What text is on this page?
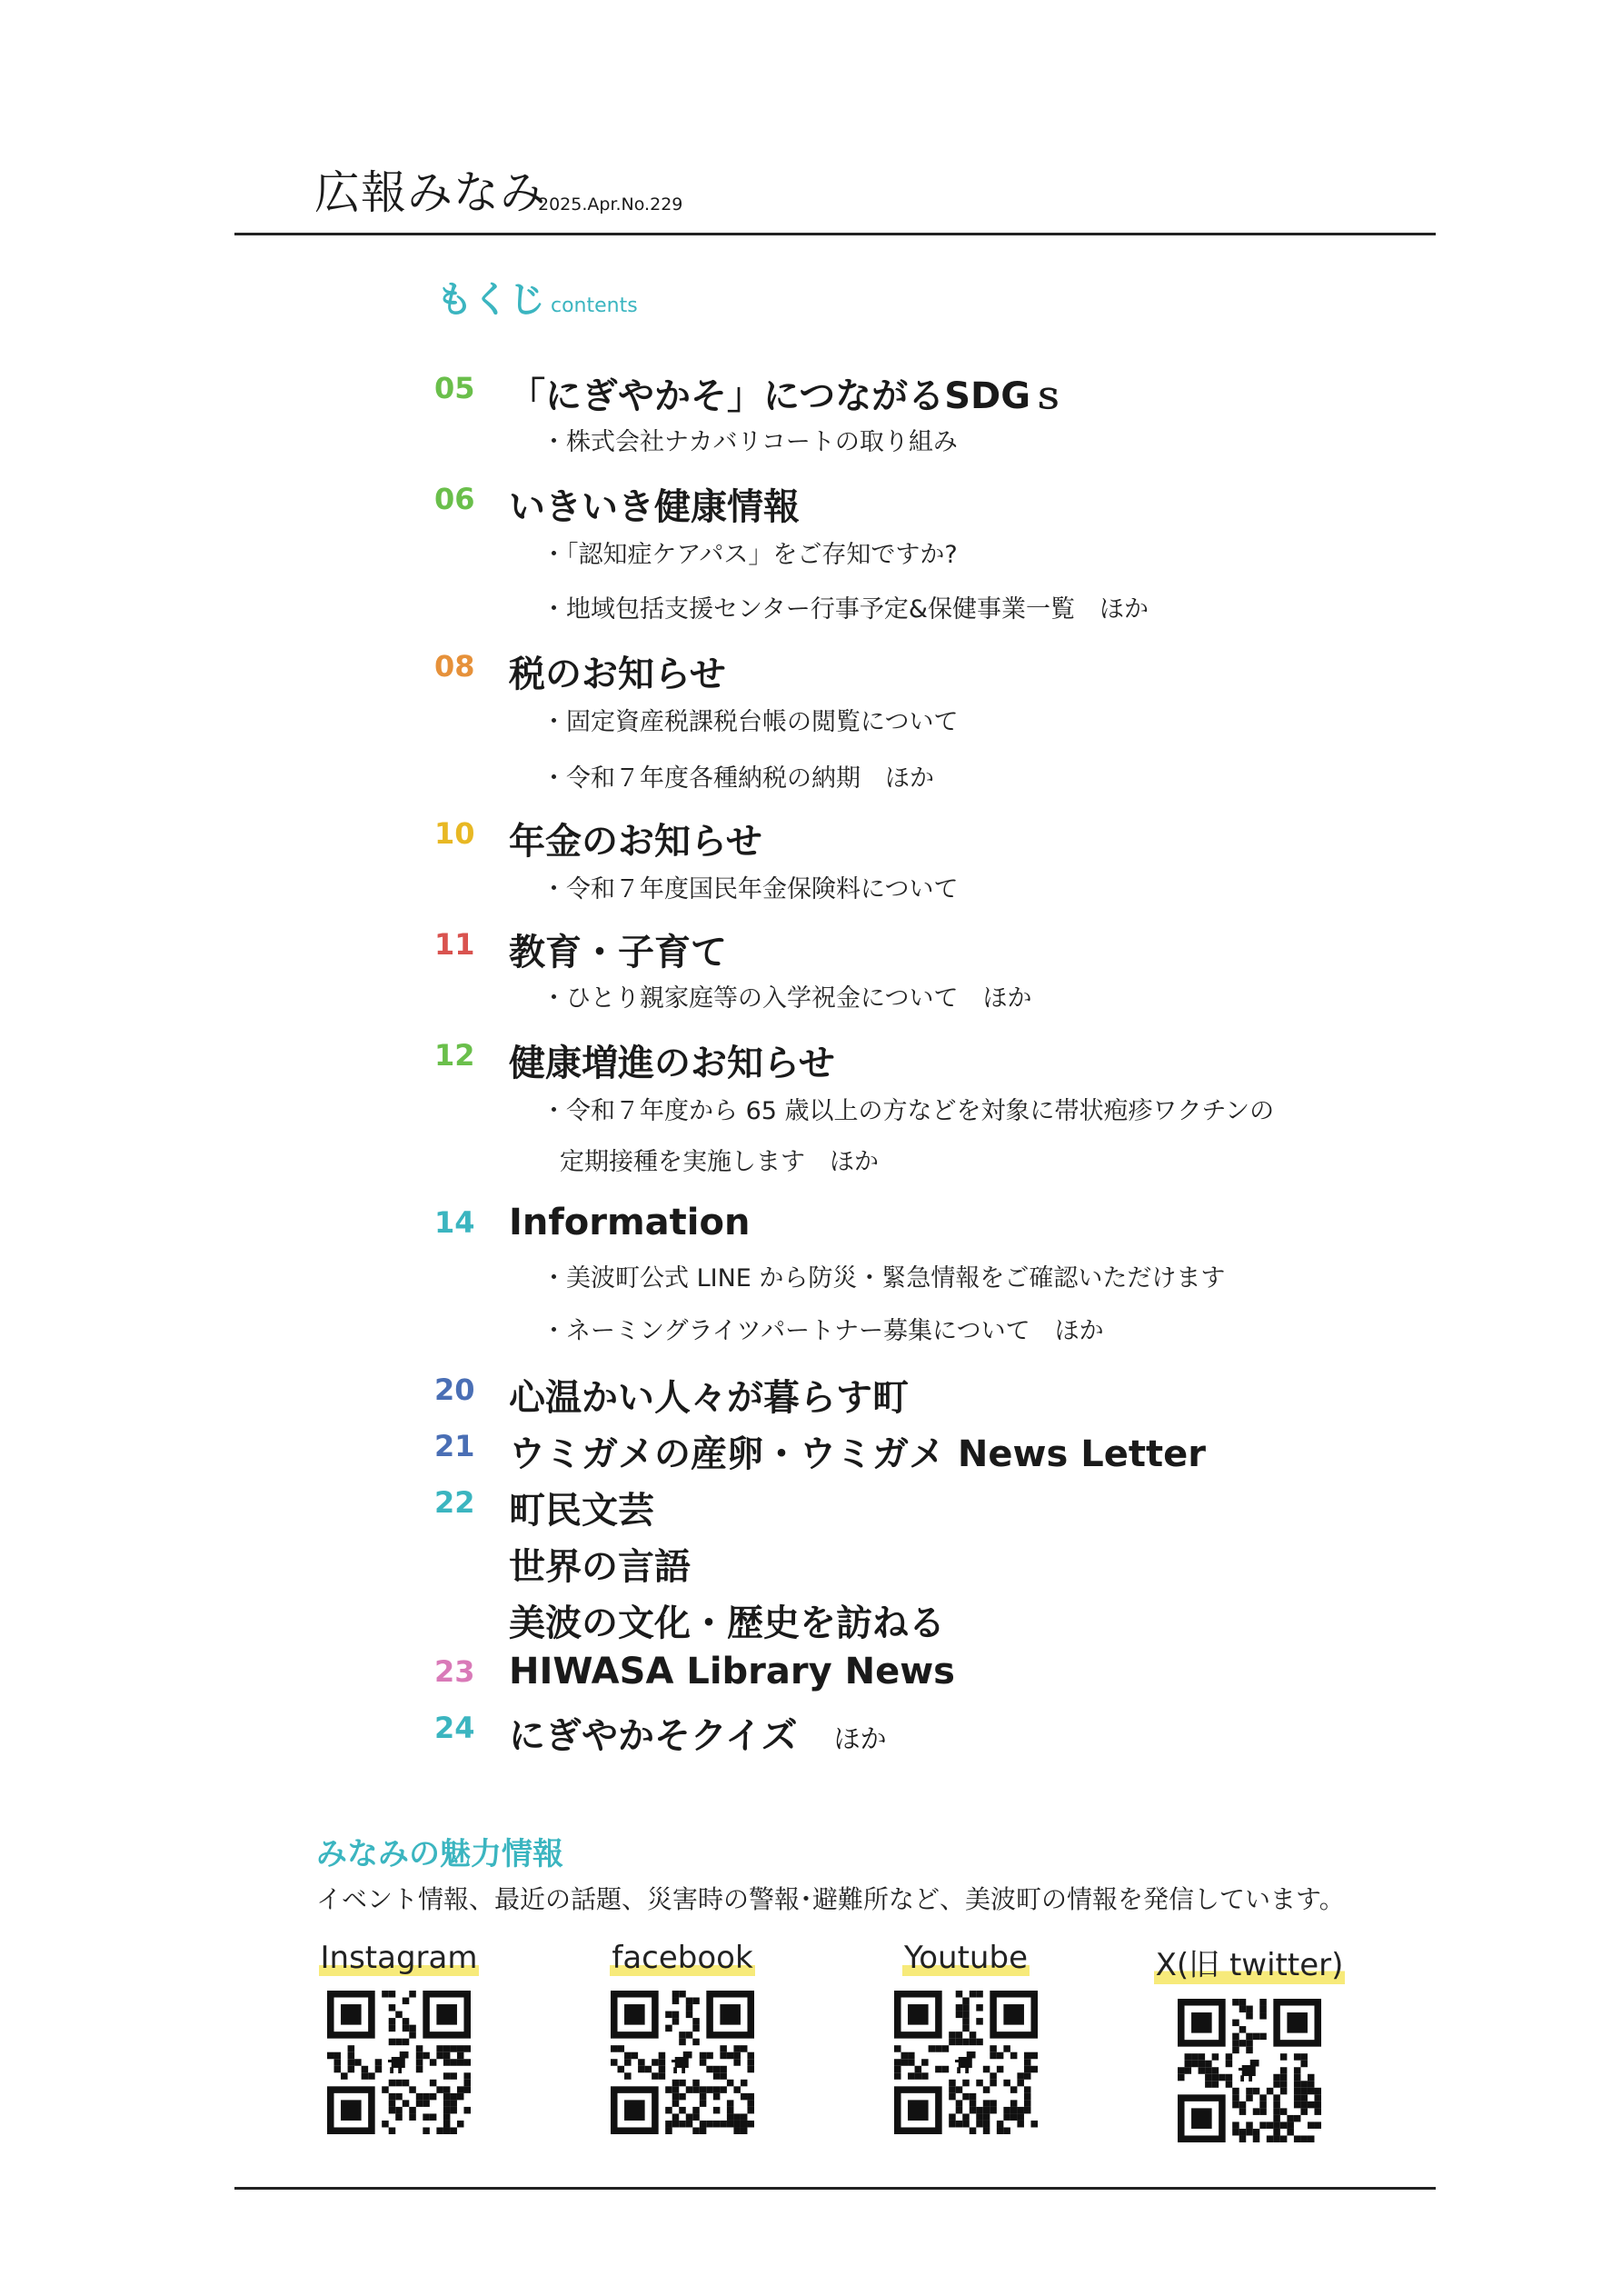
広報みなみ
2025.Apr.No.229
もくじ contents
05 「にぎやかそ」につながるSDGｓ
・株式会社ナカバリコートの取り組み
06 いきいき健康情報
・「認知症ケアパス」をご存知ですか?
・地域包括支援センター行事予定&保健事業一覧　ほか
08 税のお知らせ
・固定資産税課税台帳の閲覧について
・令和７年度各種納税の納期　ほか
10 年金のお知らせ
・令和７年度国民年金保険料について
11 教育・子育て
・ひとり親家庭等の入学祝金について　ほか
12 健康増進のお知らせ
・令和７年度から 65 歳以上の方などを対象に帯状疱疹ワクチンの
定期接種を実施します　ほか
14 Information
・美波町公式 LINE から防災・緊急情報をご確認いただけます
・ネーミングライツパートナー募集について　ほか
20 心温かい人々が暮らす町
21 ウミガメの産卵・ウミガメ News Letter
22 町民文芸
世界の言語
美波の文化・歴史を訪ねる
23 HIWASA Library News
24 にぎやかそクイズ ほか
みなみの魅力情報
イベント情報、最近の話題、災害時の警報･避難所など、美波町の情報を発信しています。
Instagram	facebook	Youtube	X(旧 twitter)
